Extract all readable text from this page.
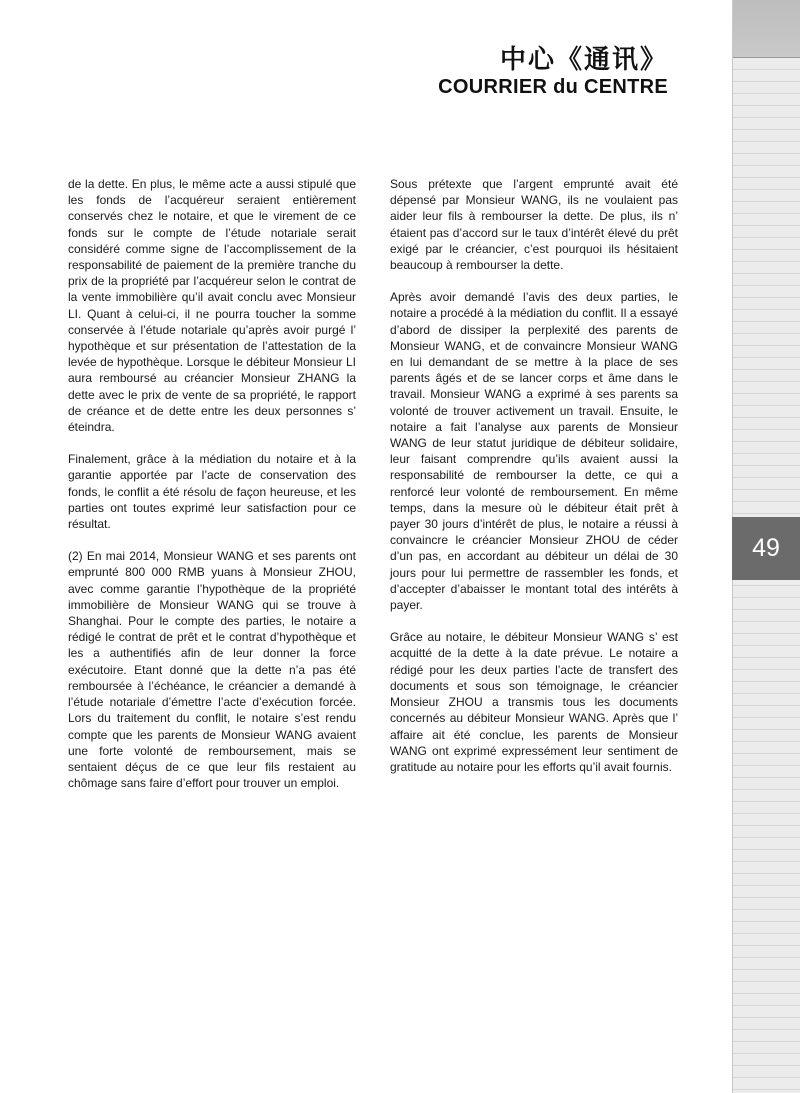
49
中心《通讯》
COURRIER du CENTRE

de la dette. En plus, le même acte a aussi stipulé que les fonds de l’acquéreur seraient entièrement conservés chez le notaire, et que le virement de ce fonds sur le compte de l’étude notariale serait considéré comme signe de l’accomplissement de la responsabilité de paiement de la première tranche du prix de la propriété par l’acquéreur selon le contrat de la vente immobilière qu’il avait conclu avec Monsieur LI. Quant à celui-ci, il ne pourra toucher la somme conservée à l’étude notariale qu’après avoir purgé l’ hypothèque et sur présentation de l’attestation de la levée de hypothèque. Lorsque le débiteur Monsieur LI aura remboursé au créancier Monsieur ZHANG la dette avec le prix de vente de sa propriété, le rapport de créance et de dette entre les deux personnes s’ éteindra.

Finalement, grâce à la médiation du notaire et à la garantie apportée par l’acte de conservation des fonds, le conflit a été résolu de façon heureuse, et les parties ont toutes exprimé leur satisfaction pour ce résultat.

(2) En mai 2014, Monsieur WANG et ses parents ont emprunté 800 000 RMB yuans à Monsieur ZHOU, avec comme garantie l’hypothèque de la propriété immobilière de Monsieur WANG qui se trouve à Shanghai. Pour le compte des parties, le notaire a rédigé le contrat de prêt et le contrat d’hypothèque et les a authentifiés afin de leur donner la force exécutoire. Etant donné que la dette n’a pas été remboursée à l’échéance, le créancier a demandé à l’étude notariale d’émettre l’acte d’exécution forcée. Lors du traitement du conflit, le notaire s’est rendu compte que les parents de Monsieur WANG avaient une forte volonté de remboursement, mais se sentaient déçus de ce que leur fils restaient au chômage sans faire d’effort pour trouver un emploi.

Sous prétexte que l’argent emprunté avait été dépensé par Monsieur WANG, ils ne voulaient pas aider leur fils à rembourser la dette. De plus, ils n’ étaient pas d’accord sur le taux d’intérêt élevé du prêt exigé par le créancier, c’est pourquoi ils hésitaient beaucoup à rembourser la dette.

Après avoir demandé l’avis des deux parties, le notaire a procédé à la médiation du conflit. Il a essayé d’abord de dissiper la perplexité des parents de Monsieur WANG, et de convaincre Monsieur WANG en lui demandant de se mettre à la place de ses parents âgés et de se lancer corps et âme dans le travail. Monsieur WANG a exprimé à ses parents sa volonté de trouver activement un travail. Ensuite, le notaire a fait l’analyse aux parents de Monsieur WANG de leur statut juridique de débiteur solidaire, leur faisant comprendre qu’ils avaient aussi la responsabilité de rembourser la dette, ce qui a renforcé leur volonté de remboursement. En même temps, dans la mesure où le débiteur était prêt à payer 30 jours d’intérêt de plus, le notaire a réussi à convaincre le créancier Monsieur ZHOU de céder d’un pas, en accordant au débiteur un délai de 30 jours pour lui permettre de rassembler les fonds, et d’accepter d’abaisser le montant total des intérêts à payer.

Grâce au notaire, le débiteur Monsieur WANG s’ est acquitté de la dette à la date prévue. Le notaire a rédigé pour les deux parties l’acte de transfert des documents et sous son témoignage, le créancier Monsieur ZHOU a transmis tous les documents concernés au débiteur Monsieur WANG. Après que l’ affaire ait été conclue, les parents de Monsieur WANG ont exprimé expressément leur sentiment de gratitude au notaire pour les efforts qu’il avait fournis.
